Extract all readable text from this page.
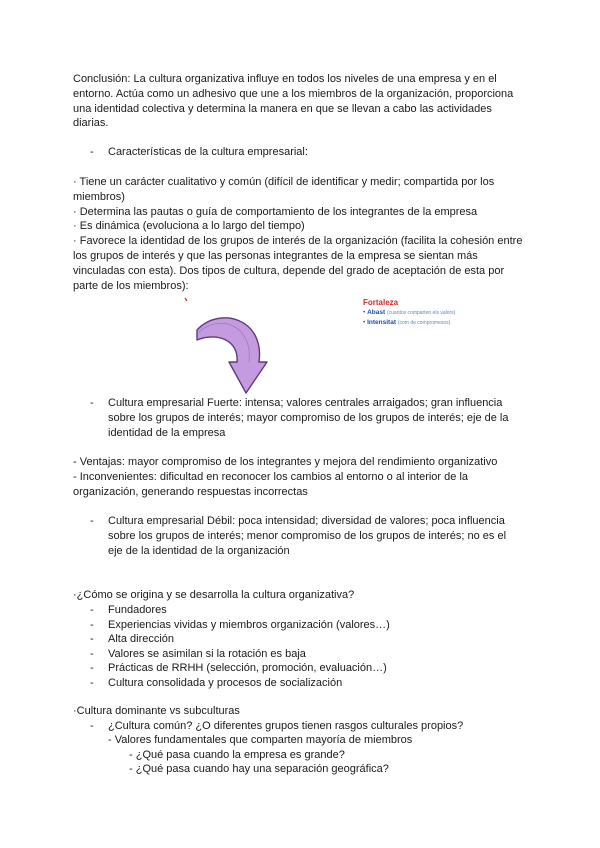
Conclusión: La cultura organizativa influye en todos los niveles de una empresa y en el
entorno. Actúa como un adhesivo que une a los miembros de la organización, proporciona
una identidad colectiva y determina la manera en que se llevan a cabo las actividades
diarias.
- Características de la cultura empresarial:
· Tiene un carácter cualitativo y común (difícil de identificar y medir; compartida por los
miembros)
· Determina las pautas o guía de comportamiento de los integrantes de la empresa
· Es dinámica (evoluciona a lo largo del tiempo)
· Favorece la identidad de los grupos de interés de la organización (facilita la cohesión entre
los grupos de interés y que las personas integrantes de la empresa se sientan más
vinculadas con esta). Dos tipos de cultura, depende del grado de aceptación de esta por
parte de los miembros):
Fortaleza
• Abast (cuantos comparten els valors)
• Intensitat (com de compromesos)
- Cultura empresarial Fuerte: intensa; valores centrales arraigados; gran influencia
sobre los grupos de interés; mayor compromiso de los grupos de interés; eje de la
identidad de la empresa
- Ventajas: mayor compromiso de los integrantes y mejora del rendimiento organizativo
- Inconvenientes: dificultad en reconocer los cambios al entorno o al interior de la
organización, generando respuestas incorrectas
- Cultura empresarial Débil: poca intensidad; diversidad de valores; poca influencia
sobre los grupos de interés; menor compromiso de los grupos de interés; no es el
eje de la identidad de la organización
·¿Cómo se origina y se desarrolla la cultura organizativa?
- Fundadores
- Experiencias vividas y miembros organización (valores…)
- Alta dirección
- Valores se asimilan si la rotación es baja
- Prácticas de RRHH (selección, promoción, evaluación…)
- Cultura consolidada y procesos de socialización
·Cultura dominante vs subculturas
- ¿Cultura común? ¿O diferentes grupos tienen rasgos culturales propios?
- Valores fundamentales que comparten mayoría de miembros
- ¿Qué pasa cuando la empresa es grande?
- ¿Qué pasa cuando hay una separación geográfica?
